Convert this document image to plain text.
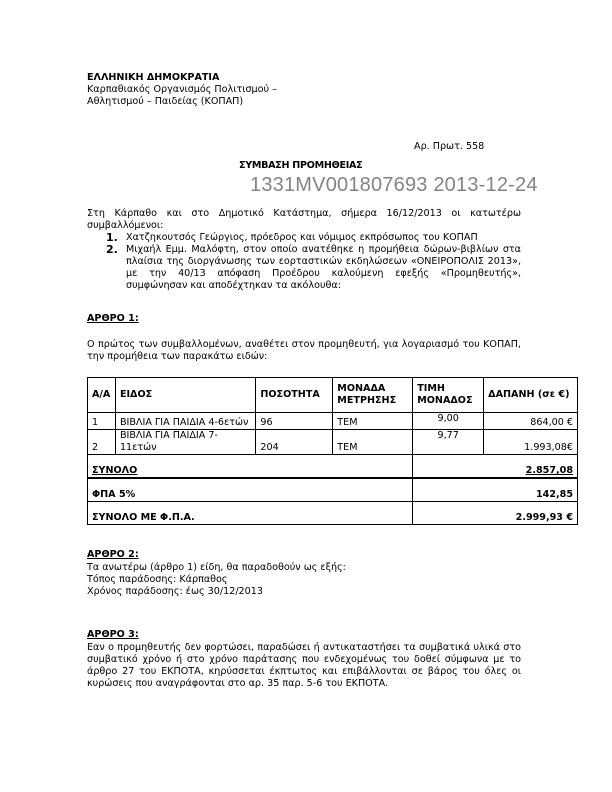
ΕΛΛΗΝΙΚΗ ΔΗΜΟΚΡΑΤΙΑ
Καρπαθιακός Οργανισμός Πολιτισμού –
Αθλητισμού – Παιδείας (ΚΟΠΑΠ)
Αρ. Πρωτ. 558
ΣΥΜΒΑΣΗ ΠΡΟΜΗΘΕΙΑΣ
1331MV001807693 2013-12-24
Στη Κάρπαθο και στο Δημοτικό Κατάστημα, σήμερα 16/12/2013 οι κατωτέρω συμβαλλόμενοι:
1. Χατζηκουτσός Γεώργιος, πρόεδρος και νόμιμος εκπρόσωπος του ΚΟΠΑΠ
2. Μιχαήλ Εμμ. Μαλόφτη, στον οποίο ανατέθηκε η προμήθεια δώρων-βιβλίων στα πλαίσια της διοργάνωσης των εορταστικών εκδηλώσεων «ΟΝΕΙΡΟΠΟΛΙΣ 2013», με την 40/13 απόφαση Προέδρου καλούμενη εφεξής «Προμηθευτής», συμφώνησαν και αποδέχτηκαν τα ακόλουθα:
ΑΡΘΡΟ 1:
Ο πρώτος των συμβαλλομένων, αναθέτει στον προμηθευτή, για λογαριασμό του ΚΟΠΑΠ, την προμήθεια των παρακάτω ειδών:
Α/Α	ΕΙΔΟΣ	ΠΟΣΟΤΗΤΑ	ΜΟΝΑΔΑ ΜΕΤΡΗΣΗΣ	ΤΙΜΗ ΜΟΝΑΔΟΣ	ΔΑΠΑΝΗ (σε €)
1	ΒΙΒΛΙΑ ΓΙΑ ΠΑΙΔΙΑ 4-6ετών	96	ΤΕΜ	9,00	864,00 €
2	ΒΙΒΛΙΑ ΓΙΑ ΠΑΙΔΙΑ 7-11ετών	204	ΤΕΜ	9,77	1.993,08€
ΣΥΝΟΛΟ				2.857,08	
ΦΠΑ 5%				142,85	
ΣΥΝΟΛΟ ΜΕ Φ.Π.Α.				2.999,93 €	
ΑΡΘΡΟ 2:
Τα ανωτέρω (άρθρο 1) είδη, θα παραδοθούν ως εξής:
Τόπος παράδοσης: Κάρπαθος
Χρόνος παράδοσης: έως 30/12/2013
ΑΡΘΡΟ 3:
Εαν ο προμηθευτής δεν φορτώσει, παραδώσει ή αντικαταστήσει τα συμβατικά υλικά στο συμβατικό χρόνο ή στο χρόνο παράτασης που ενδεχομένως του δοθεί σύμφωνα με το άρθρο 27 του ΕΚΠΟΤΑ, κηρύσσεται έκπτωτος και επιβάλλονται σε βάρος του όλες οι κυρώσεις που αναγράφονται στο αρ. 35 παρ. 5-6 του ΕΚΠΟΤΑ.
